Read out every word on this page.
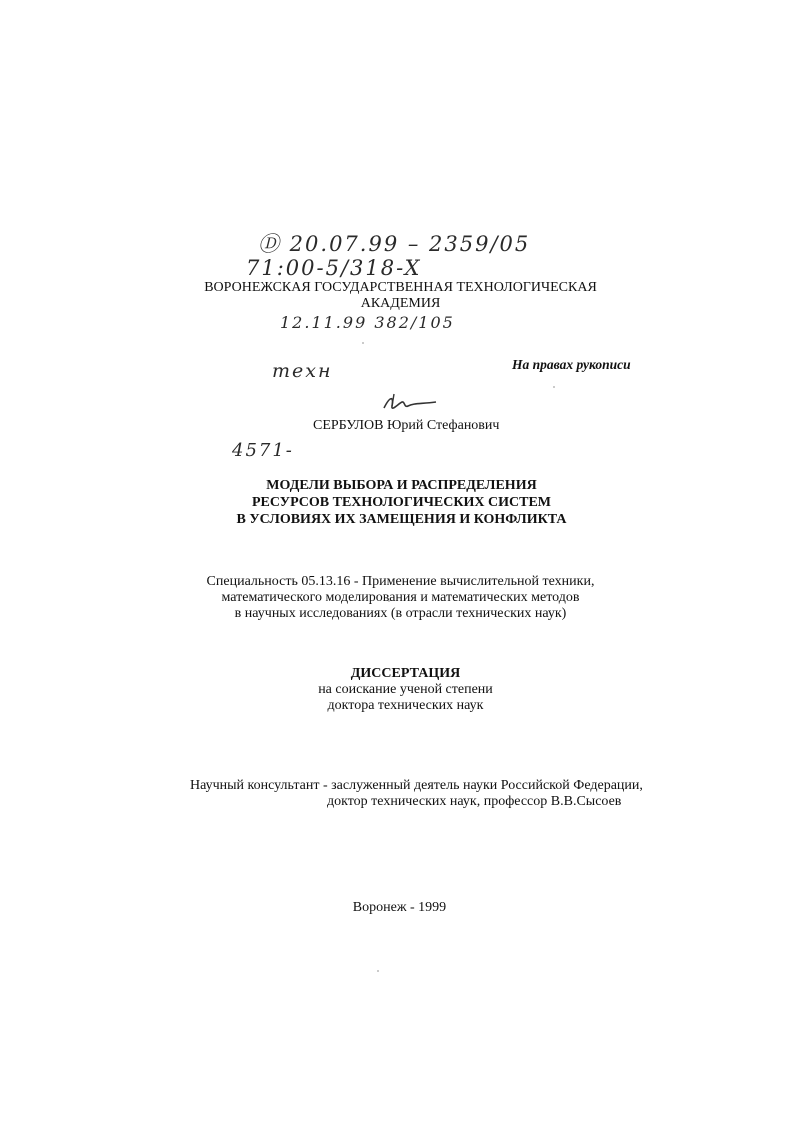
Ⓓ 20.07.99 – 2359/05
71:00-5/318-X
12.11.99 382/105
техн
4571-
ВОРОНЕЖСКАЯ ГОСУДАРСТВЕННАЯ ТЕХНОЛОГИЧЕСКАЯ
АКАДЕМИЯ
На правах рукописи
СЕРБУЛОВ Юрий Стефанович
МОДЕЛИ ВЫБОРА И РАСПРЕДЕЛЕНИЯ
РЕСУРСОВ ТЕХНОЛОГИЧЕСКИХ СИСТЕМ
В УСЛОВИЯХ ИХ ЗАМЕЩЕНИЯ И КОНФЛИКТА
Специальность 05.13.16 - Применение вычислительной техники,
математического моделирования и математических методов
в научных исследованиях (в отрасли технических наук)
ДИССЕРТАЦИЯ
на соискание ученой степени
доктора технических наук
Научный консультант - заслуженный деятель науки Российской Федерации,
доктор технических наук, профессор В.В.Сысоев
Воронеж - 1999
